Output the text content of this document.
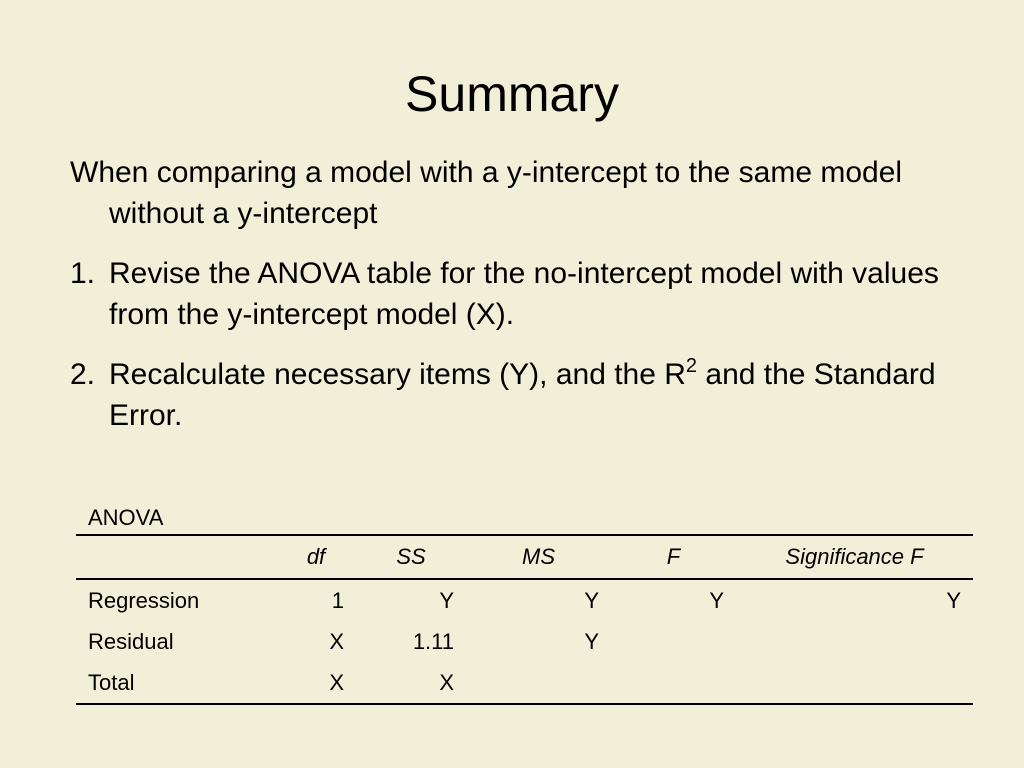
Summary

When comparing a model with a y-intercept to the same model without a y-intercept

1. Revise the ANOVA table for the no-intercept model with values from the y-intercept model (X).
2. Recalculate necessary items (Y), and the $R^2$ and the Standard Error.
ANOVA
	df	SS	MS	F	Significance F
Regression	1	Y	Y	Y	Y
Residual	X	1.11	Y		
Total	X	X			
